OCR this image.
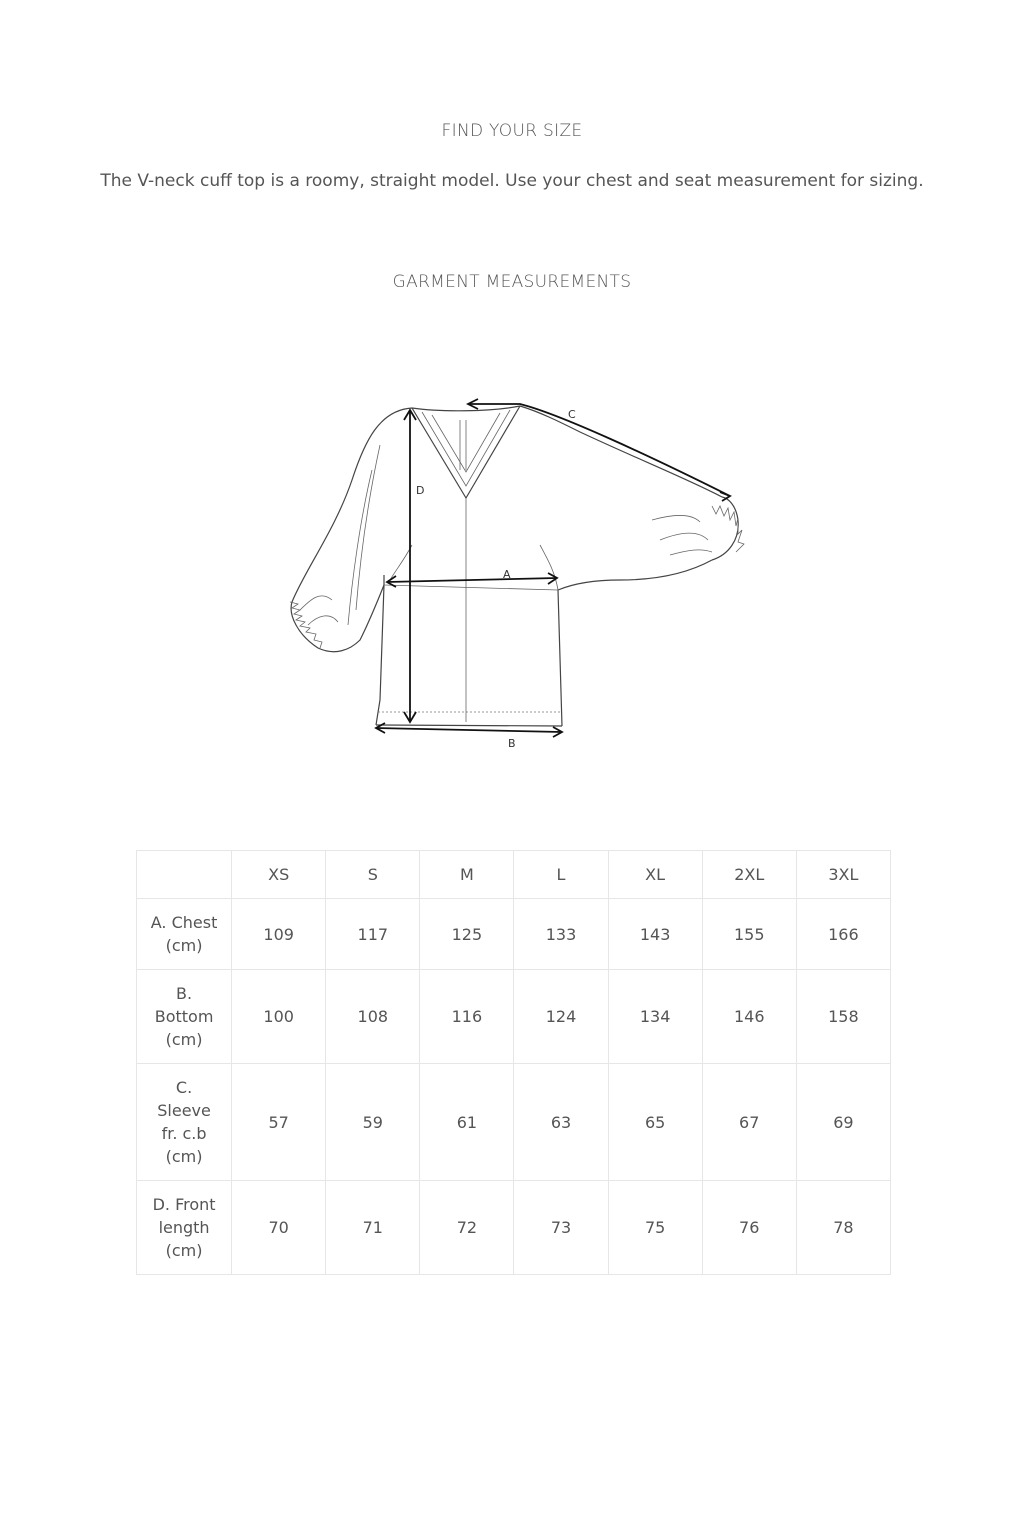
FIND YOUR SIZE
The V-neck cuff top is a roomy, straight model. Use your chest and seat measurement for sizing.
GARMENT MEASUREMENTS
D
A
B
C
	XS	S	M	L	XL	2XL	3XL
A. Chest (cm)	109	117	125	133	143	155	166
B. Bottom (cm)	100	108	116	124	134	146	158
C. Sleeve fr. c.b (cm)	57	59	61	63	65	67	69
D. Front length (cm)	70	71	72	73	75	76	78
